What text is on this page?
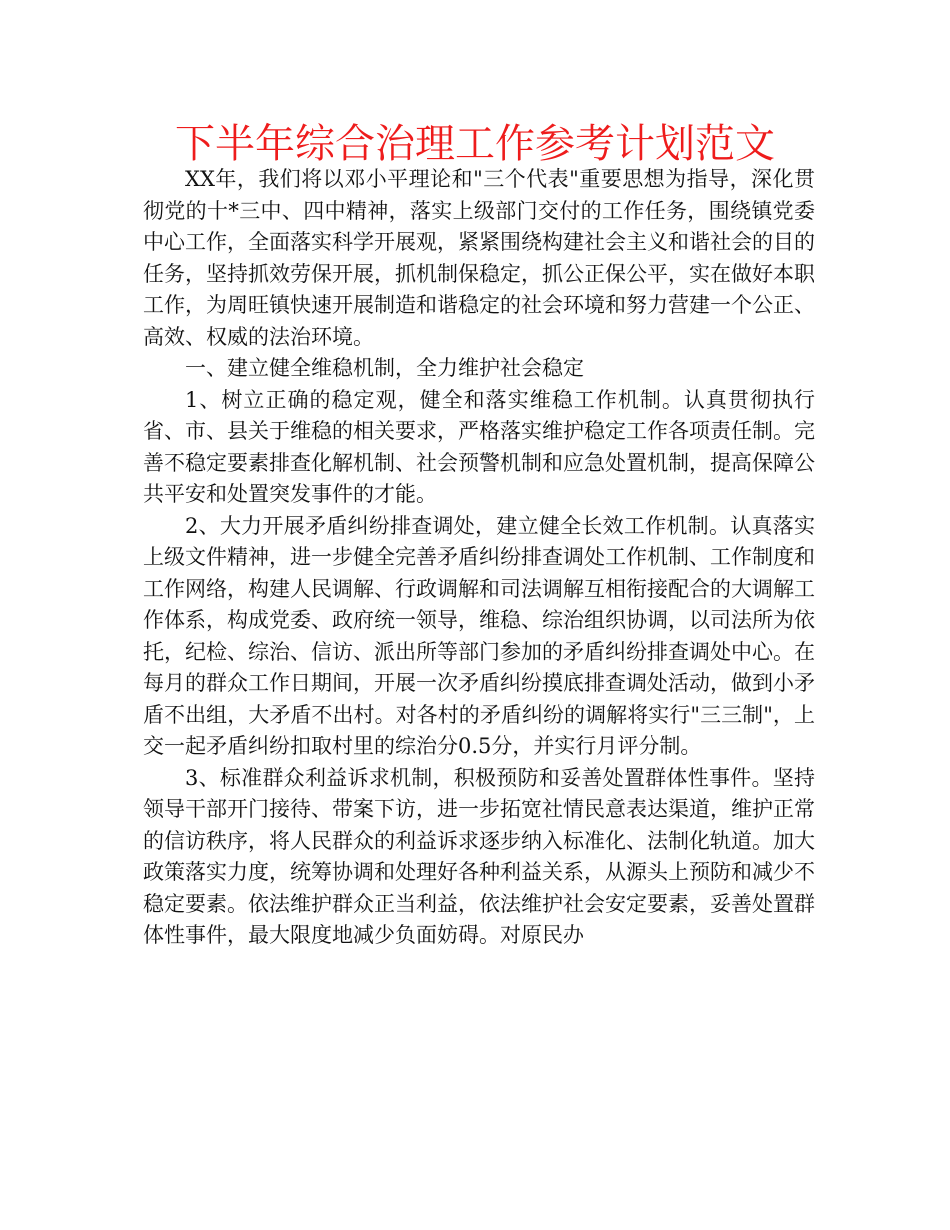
下半年综合治理工作参考计划范文

XX年，我们将以邓小平理论和"三个代表"重要思想为指导，深化贯彻党的十*三中、四中精神，落实上级部门交付的工作任务，围绕镇党委中心工作，全面落实科学开展观，紧紧围绕构建社会主义和谐社会的目的任务，坚持抓效劳保开展，抓机制保稳定，抓公正保公平，实在做好本职工作，为周旺镇快速开展制造和谐稳定的社会环境和努力营建一个公正、高效、权威的法治环境。

一、建立健全维稳机制，全力维护社会稳定

1、树立正确的稳定观，健全和落实维稳工作机制。认真贯彻执行省、市、县关于维稳的相关要求，严格落实维护稳定工作各项责任制。完善不稳定要素排查化解机制、社会预警机制和应急处置机制，提高保障公共平安和处置突发事件的才能。

2、大力开展矛盾纠纷排查调处，建立健全长效工作机制。认真落实上级文件精神，进一步健全完善矛盾纠纷排查调处工作机制、工作制度和工作网络，构建人民调解、行政调解和司法调解互相衔接配合的大调解工作体系，构成党委、政府统一领导，维稳、综治组织协调，以司法所为依托，纪检、综治、信访、派出所等部门参加的矛盾纠纷排查调处中心。在每月的群众工作日期间，开展一次矛盾纠纷摸底排查调处活动，做到小矛盾不出组，大矛盾不出村。对各村的矛盾纠纷的调解将实行"三三制"，上交一起矛盾纠纷扣取村里的综治分0.5分，并实行月评分制。

3、标准群众利益诉求机制，积极预防和妥善处置群体性事件。坚持领导干部开门接待、带案下访，进一步拓宽社情民意表达渠道，维护正常的信访秩序，将人民群众的利益诉求逐步纳入标准化、法制化轨道。加大政策落实力度，统筹协调和处理好各种利益关系，从源头上预防和减少不稳定要素。依法维护群众正当利益，依法维护社会安定要素，妥善处置群体性事件，最大限度地减少负面妨碍。对原民办
